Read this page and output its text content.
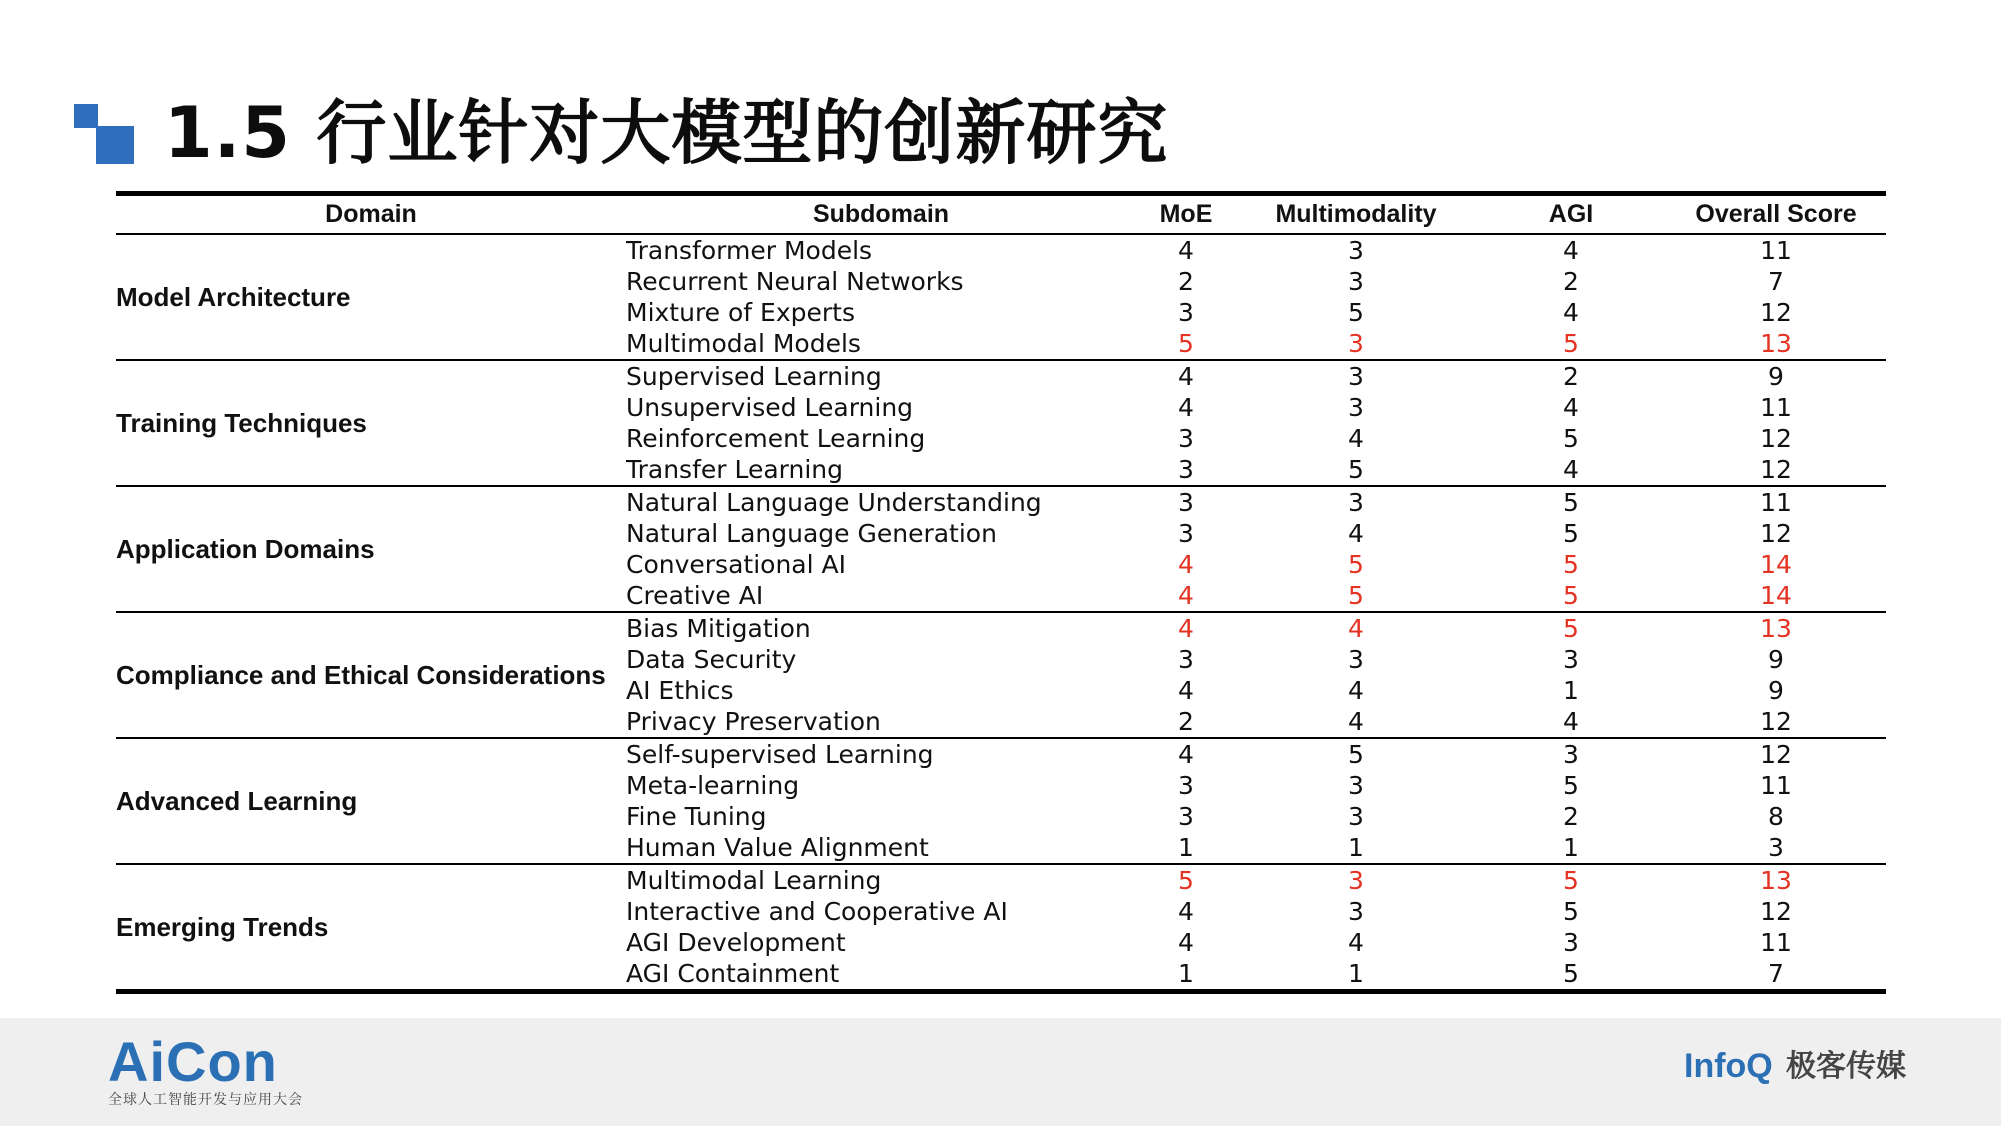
1.5 行业针对大模型的创新研究
Domain	Subdomain	MoE	Multimodality	AGI	Overall Score
Model Architecture	Transformer Models	4	3	4	11
	Recurrent Neural Networks	2	3	2	7
	Mixture of Experts	3	5	4	12
	Multimodal Models	5	3	5	13
Training Techniques	Supervised Learning	4	3	2	9
	Unsupervised Learning	4	3	4	11
	Reinforcement Learning	3	4	5	12
	Transfer Learning	3	5	4	12
Application Domains	Natural Language Understanding	3	3	5	11
	Natural Language Generation	3	4	5	12
	Conversational AI	4	5	5	14
	Creative AI	4	5	5	14
Compliance and Ethical Considerations	Bias Mitigation	4	4	5	13
	Data Security	3	3	3	9
	AI Ethics	4	4	1	9
	Privacy Preservation	2	4	4	12
Advanced Learning	Self-supervised Learning	4	5	3	12
	Meta-learning	3	3	5	11
	Fine Tuning	3	3	2	8
	Human Value Alignment	1	1	1	3
Emerging Trends	Multimodal Learning	5	3	5	13
	Interactive and Cooperative AI	4	3	5	12
	AGI Development	4	4	3	11
	AGI Containment	1	1	5	7
AiCon
全球人工智能开发与应用大会
InfoQ 极客传媒
